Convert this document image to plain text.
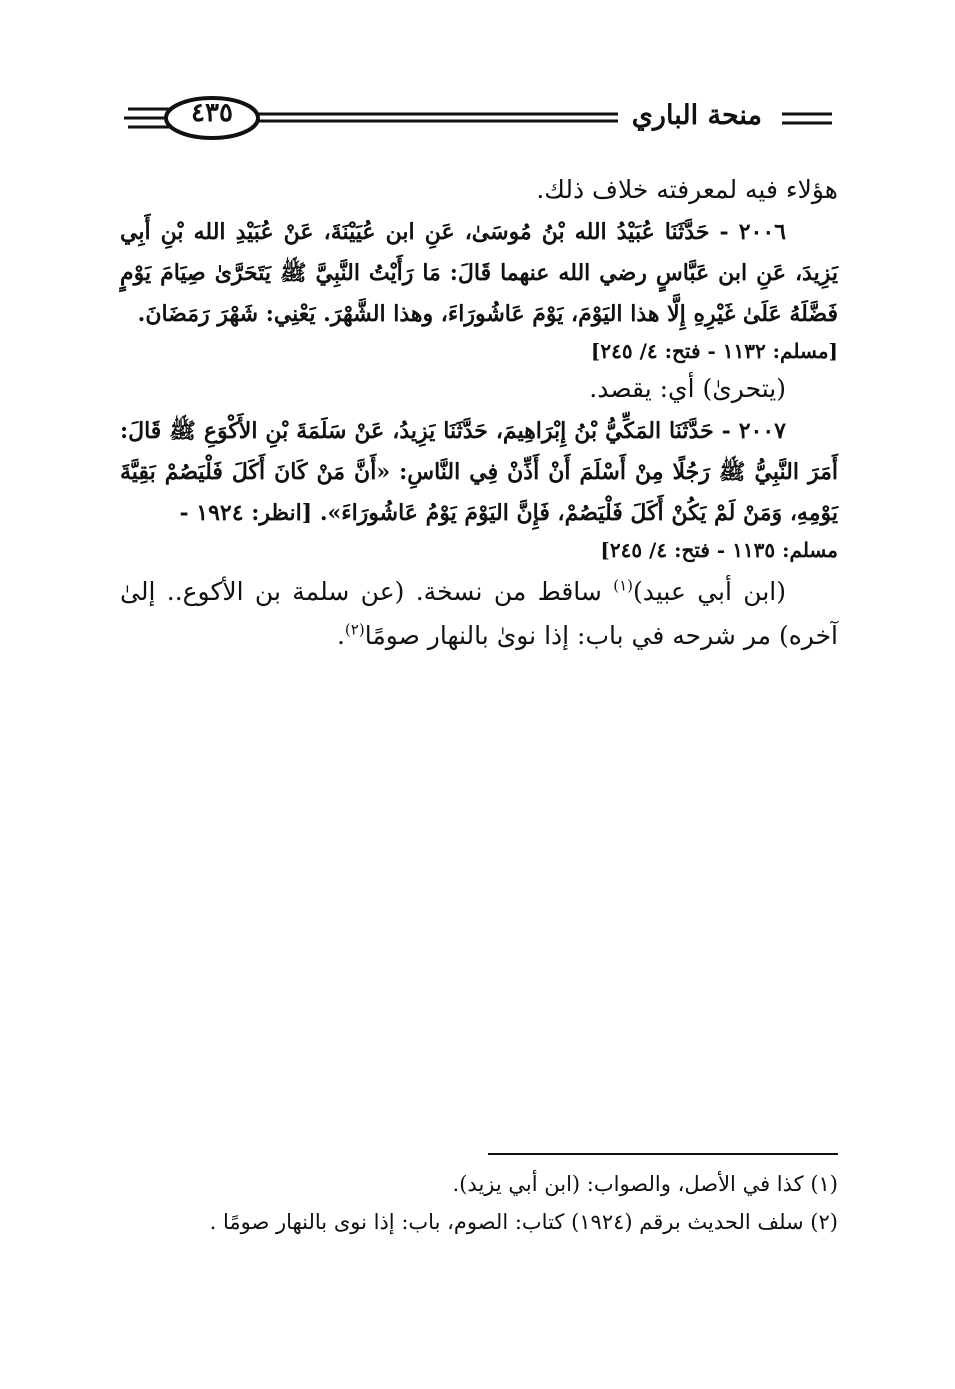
٤٣٥	منحة الباري

هؤلاء فيه لمعرفته خلاف ذلك.

٢٠٠٦ - حَدَّثَنَا عُبَيْدُ الله بْنُ مُوسَىٰ، عَنِ ابن عُيَيْنَةَ، عَنْ عُبَيْدِ الله بْنِ أَبِي يَزِيدَ، عَنِ ابن عَبَّاسٍ رضي الله عنهما قَالَ: مَا رَأَيْتُ النَّبِيَّ ﷺ يَتَحَرَّىٰ صِيَامَ يَوْمٍ فَضَّلَهُ عَلَىٰ غَيْرِهِ إِلَّا هذا اليَوْمَ، يَوْمَ عَاشُورَاءَ، وهذا الشَّهْرَ. يَعْنِي: شَهْرَ رَمَضَانَ.

[مسلم: ١١٣٢ - فتح: ٤/ ٢٤٥]

(يتحرىٰ) أي: يقصد.

٢٠٠٧ - حَدَّثَنَا المَكِّيُّ بْنُ إِبْرَاهِيمَ، حَدَّثَنَا يَزِيدُ، عَنْ سَلَمَةَ بْنِ الأَكْوَعِ ﷺ قَالَ: أَمَرَ النَّبِيُّ ﷺ رَجُلًا مِنْ أَسْلَمَ أَنْ أَذِّنْ فِي النَّاسِ: «أَنَّ مَنْ كَانَ أَكَلَ فَلْيَصُمْ بَقِيَّةَ يَوْمِهِ، وَمَنْ لَمْ يَكُنْ أَكَلَ فَلْيَصُمْ، فَإِنَّ اليَوْمَ يَوْمُ عَاشُورَاءَ». [انظر: ١٩٢٤ -

مسلم: ١١٣٥ - فتح: ٤/ ٢٤٥]

(ابن أبي عبيد)$^{(١)}$ ساقط من نسخة. (عن سلمة بن الأكوع.. إلىٰ آخره) مر شرحه في باب: إذا نوىٰ بالنهار صومًا$^{(٢)}$.

(١) كذا في الأصل، والصواب: (ابن أبي يزيد).

(٢) سلف الحديث برقم (١٩٢٤) كتاب: الصوم، باب: إذا نوى بالنهار صومًا .
